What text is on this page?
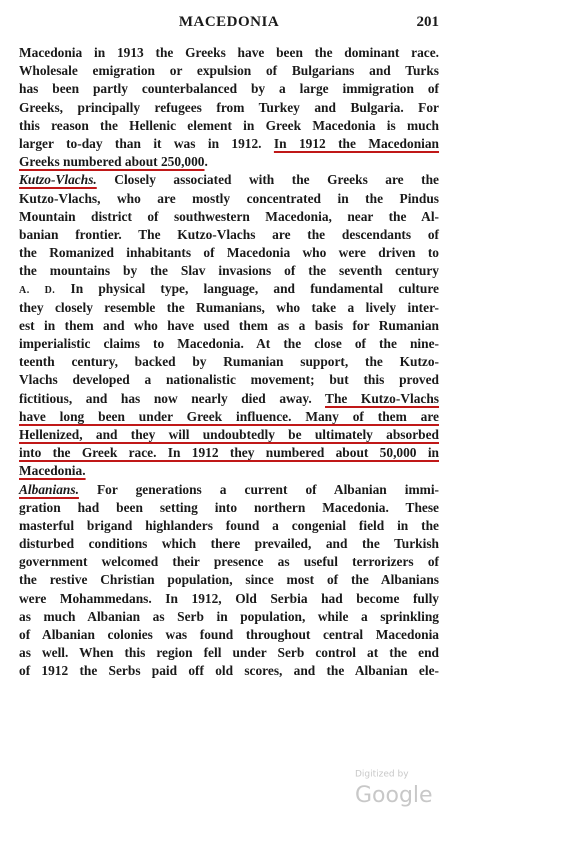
MACEDONIA	201
Macedonia in 1913 the Greeks have been the dominant race.
Wholesale emigration or expulsion of Bulgarians and Turks
has been partly counterbalanced by a large immigration of
Greeks, principally refugees from Turkey and Bulgaria. For
this reason the Hellenic element in Greek Macedonia is much
larger to-day than it was in 1912. In 1912 the Macedonian
Greeks numbered about 250,000.
Kutzo-Vlachs. Closely associated with the Greeks are the
Kutzo-Vlachs, who are mostly concentrated in the Pindus
Mountain district of southwestern Macedonia, near the Al-
banian frontier. The Kutzo-Vlachs are the descendants of
the Romanized inhabitants of Macedonia who were driven to
the mountains by the Slav invasions of the seventh century
A. D. In physical type, language, and fundamental culture
they closely resemble the Rumanians, who take a lively inter-
est in them and who have used them as a basis for Rumanian
imperialistic claims to Macedonia. At the close of the nine-
teenth century, backed by Rumanian support, the Kutzo-
Vlachs developed a nationalistic movement; but this proved
fictitious, and has now nearly died away. The Kutzo-Vlachs
have long been under Greek influence. Many of them are
Hellenized, and they will undoubtedly be ultimately absorbed
into the Greek race. In 1912 they numbered about 50,000 in
Macedonia.
Albanians. For generations a current of Albanian immi-
gration had been setting into northern Macedonia. These
masterful brigand highlanders found a congenial field in the
disturbed conditions which there prevailed, and the Turkish
government welcomed their presence as useful terrorizers of
the restive Christian population, since most of the Albanians
were Mohammedans. In 1912, Old Serbia had become fully
as much Albanian as Serb in population, while a sprinkling
of Albanian colonies was found throughout central Macedonia
as well. When this region fell under Serb control at the end
of 1912 the Serbs paid off old scores, and the Albanian ele-
Digitized by Google
